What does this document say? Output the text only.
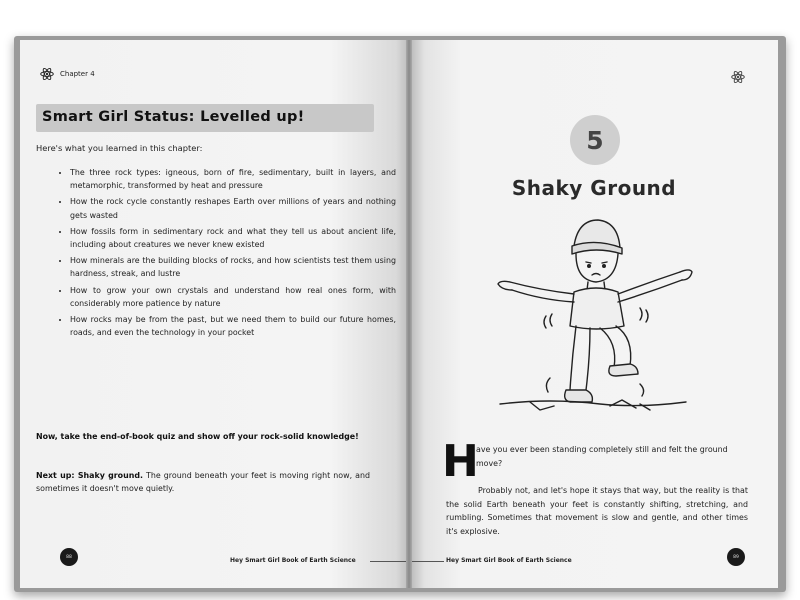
Chapter 4
Smart Girl Status: Levelled up!
Here's what you learned in this chapter:
• The three rock types: igneous, born of fire, sedimentary, built in layers, and metamorphic, transformed by heat and pressure
• How the rock cycle constantly reshapes Earth over millions of years and nothing gets wasted
• How fossils form in sedimentary rock and what they tell us about ancient life, including about creatures we never knew existed
• How minerals are the building blocks of rocks, and how scientists test them using hardness, streak, and lustre
• How to grow your own crystals and understand how real ones form, with considerably more patience by nature
• How rocks may be from the past, but we need them to build our future homes, roads, and even the technology in your pocket
Now, take the end-of-book quiz and show off your rock-solid knowledge!
Next up: Shaky ground. The ground beneath your feet is moving right now, and sometimes it doesn't move quietly.
88	Hey Smart Girl Book of Earth Science
5
Shaky Ground
H
ave you ever been standing completely still and felt the ground move?
Probably not, and let's hope it stays that way, but the reality is that the solid Earth beneath your feet is constantly shifting, stretching, and rumbling. Sometimes that movement is slow and gentle, and other times it's explosive.
Hey Smart Girl Book of Earth Science	89
